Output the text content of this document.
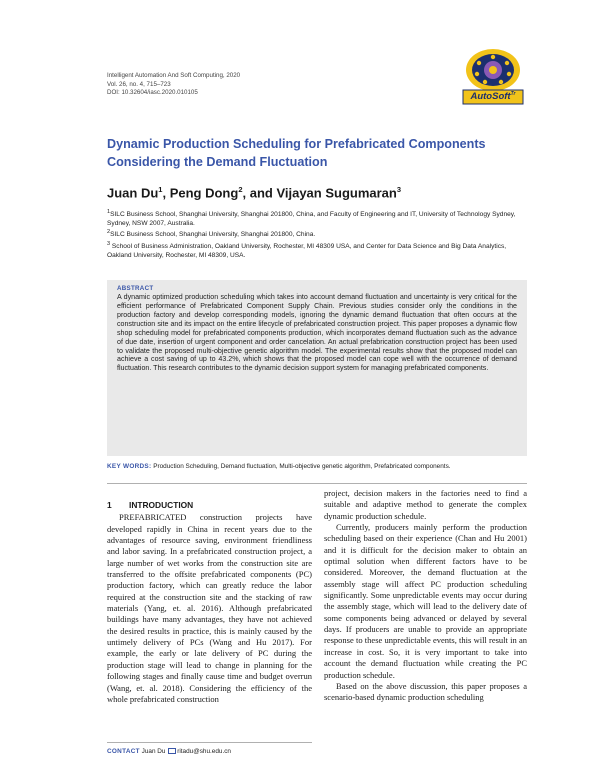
Intelligent Automation And Soft Computing, 2020
Vol. 26, no. 4, 715–723
DOI: 10.32604/iasc.2020.010105	AutoSoft$^{Tr}$
Dynamic Production Scheduling for Prefabricated Components
Considering the Demand Fluctuation
Juan Du$^1$, Peng Dong$^2$, and Vijayan Sugumaran$^3$

$^1$SILC Business School, Shanghai University, Shanghai 201800, China, and Faculty of Engineering and IT, University of Technology Sydney, Sydney, NSW 2007, Australia.

$^2$SILC Business School, Shanghai University, Shanghai 201800, China.

$^3$ School of Business Administration, Oakland University, Rochester, MI 48309 USA, and Center for Data Science and Big Data Analytics, Oakland University, Rochester, MI 48309, USA.

ABSTRACT
A dynamic optimized production scheduling which takes into account demand fluctuation and uncertainty is very critical for the efficient performance of Prefabricated Component Supply Chain. Previous studies consider only the conditions in the production factory and develop corresponding models, ignoring the dynamic demand fluctuation that often occurs at the construction site and its impact on the entire lifecycle of prefabricated construction project. This paper proposes a dynamic flow shop scheduling model for prefabricated components production, which incorporates demand fluctuation such as the advance of due date, insertion of urgent component and order cancelation. An actual prefabrication construction project has been used to validate the proposed multi-objective genetic algorithm model. The experimental results show that the proposed model can achieve a cost saving of up to 43.2%, which shows that the proposed model can cope well with the occurrence of demand fluctuation. This research contributes to the dynamic decision support system for managing prefabricated components.
KEY WORDS: Production Scheduling, Demand fluctuation, Multi-objective genetic algorithm, Prefabricated components.
1 INTRODUCTION

PREFABRICATED construction projects have developed rapidly in China in recent years due to the advantages of resource saving, environment friendliness and labor saving. In a prefabricated construction project, a large number of wet works from the construction site are transferred to the offsite prefabricated components (PC) production factory, which can greatly reduce the labor required at the construction site and the stacking of raw materials (Yang, et. al. 2016). Although prefabricated buildings have many advantages, they have not achieved the desired results in practice, this is mainly caused by the untimely delivery of PCs (Wang and Hu 2017). For example, the early or late delivery of PC during the production stage will lead to change in planning for the following stages and finally cause time and budget overrun (Wang, et. al. 2018). Considering the efficiency of the whole prefabricated construction

project, decision makers in the factories need to find a suitable and adaptive method to generate the complex dynamic production schedule.

Currently, producers mainly perform the production scheduling based on their experience (Chan and Hu 2001) and it is difficult for the decision maker to obtain an optimal solution when different factors have to be considered. Moreover, the demand fluctuation at the assembly stage will affect PC production scheduling significantly. Some unpredictable events may occur during the assembly stage, which will lead to the delivery date of some components being advanced or delayed by several days. If producers are unable to provide an appropriate response to these unpredictable events, this will result in an increase in cost. So, it is very important to take into account the demand fluctuation while creating the PC production schedule.

Based on the above discussion, this paper proposes a scenario-based dynamic production scheduling

CONTACT Juan Du ritadu@shu.edu.cn
